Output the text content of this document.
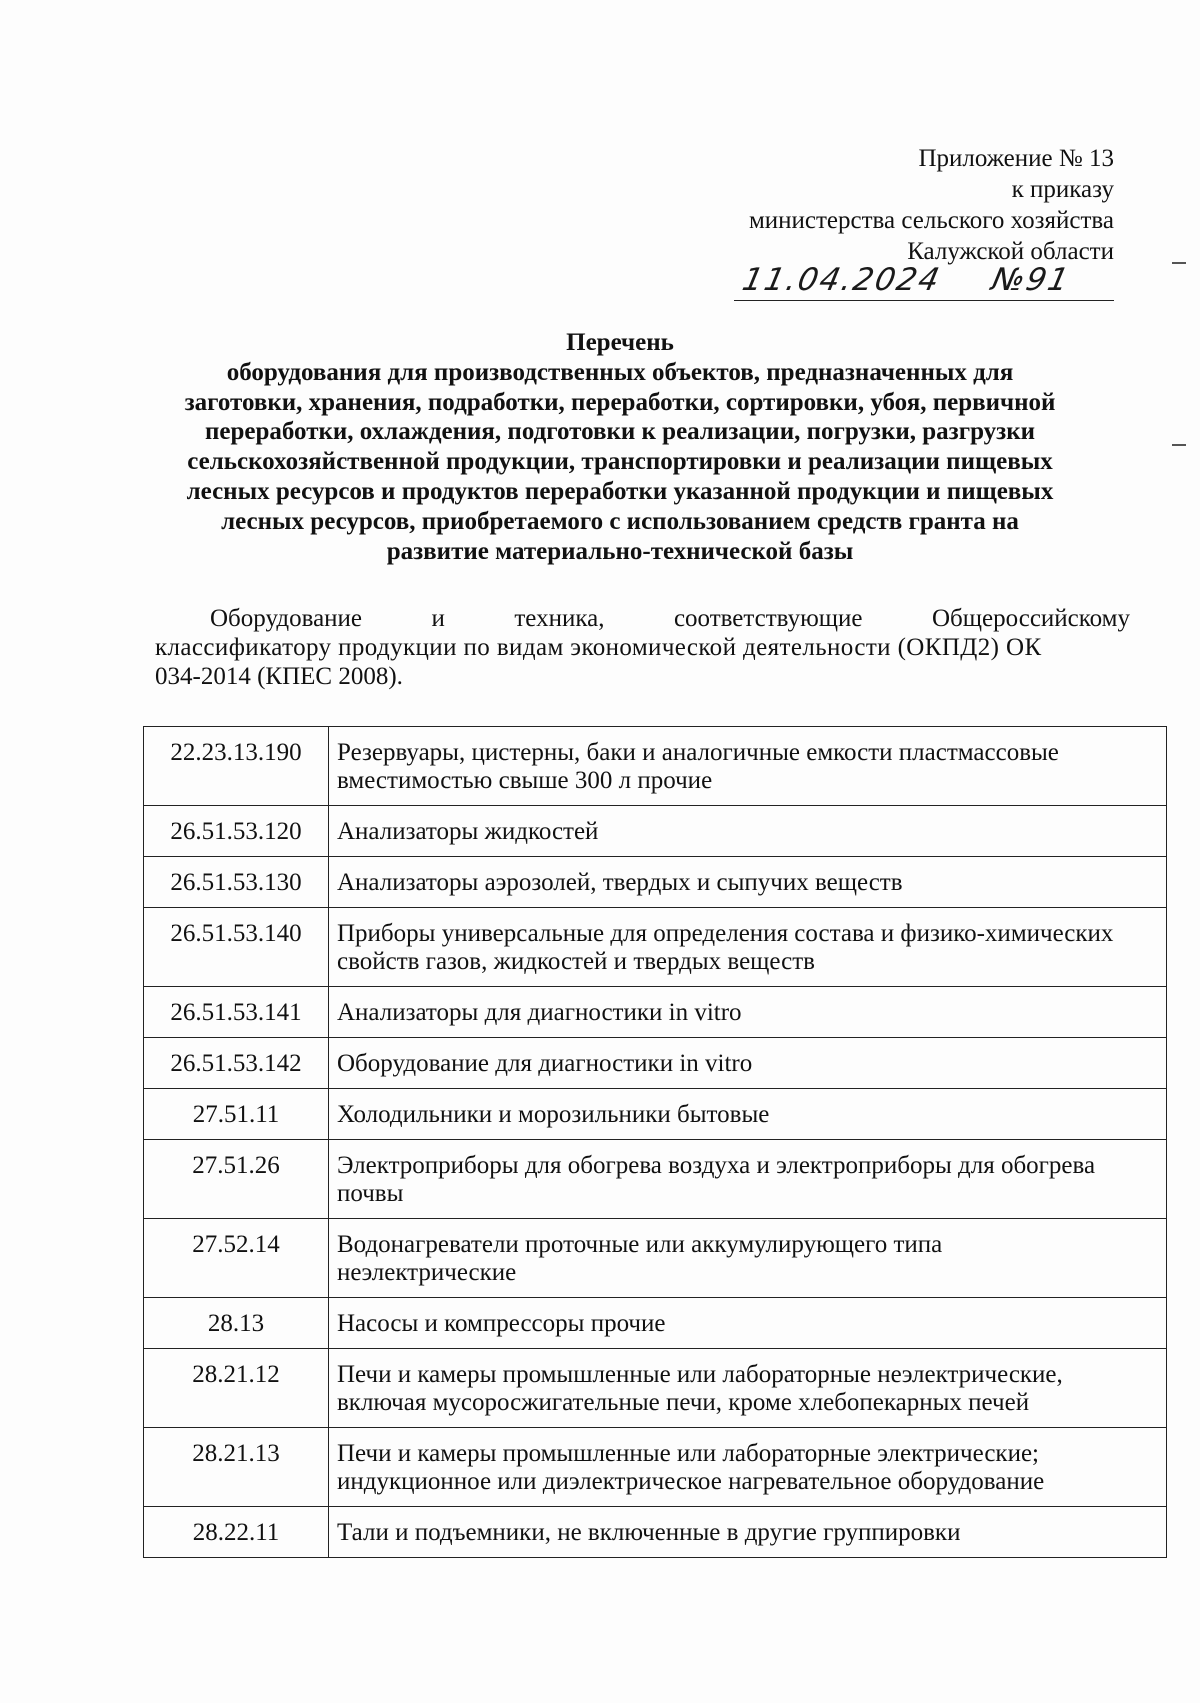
Приложение № 13
к приказу
министерства сельского хозяйства
Калужской области
11.04.2024 №91
Перечень
оборудования для производственных объектов, предназначенных для
заготовки, хранения, подработки, переработки, сортировки, убоя, первичной
переработки, охлаждения, подготовки к реализации, погрузки, разгрузки
сельскохозяйственной продукции, транспортировки и реализации пищевых
лесных ресурсов и продуктов переработки указанной продукции и пищевых
лесных ресурсов, приобретаемого с использованием средств гранта на
развитие материально-технической базы
Оборудование	и	техника,	соответствующие	Общероссийскому
классификатору продукции по видам экономической деятельности (ОКПД2) ОК
034-2014 (КПЕС 2008).
22.23.13.190	Резервуары, цистерны, баки и аналогичные емкости пластмассовые
вместимостью свыше 300 л прочие

26.51.53.120	Анализаторы жидкостей

26.51.53.130	Анализаторы аэрозолей, твердых и сыпучих веществ

26.51.53.140	Приборы универсальные для определения состава и физико-химических
свойств газов, жидкостей и твердых веществ

26.51.53.141	Анализаторы для диагностики in vitro

26.51.53.142	Оборудование для диагностики in vitro

27.51.11	Холодильники и морозильники бытовые

27.51.26	Электроприборы для обогрева воздуха и электроприборы для обогрева
почвы

27.52.14	Водонагреватели проточные или аккумулирующего типа
неэлектрические

28.13	Насосы и компрессоры прочие

28.21.12	Печи и камеры промышленные или лабораторные неэлектрические,
включая мусоросжигательные печи, кроме хлебопекарных печей

28.21.13	Печи и камеры промышленные или лабораторные электрические;
индукционное или диэлектрическое нагревательное оборудование

28.22.11	Тали и подъемники, не включенные в другие группировки
